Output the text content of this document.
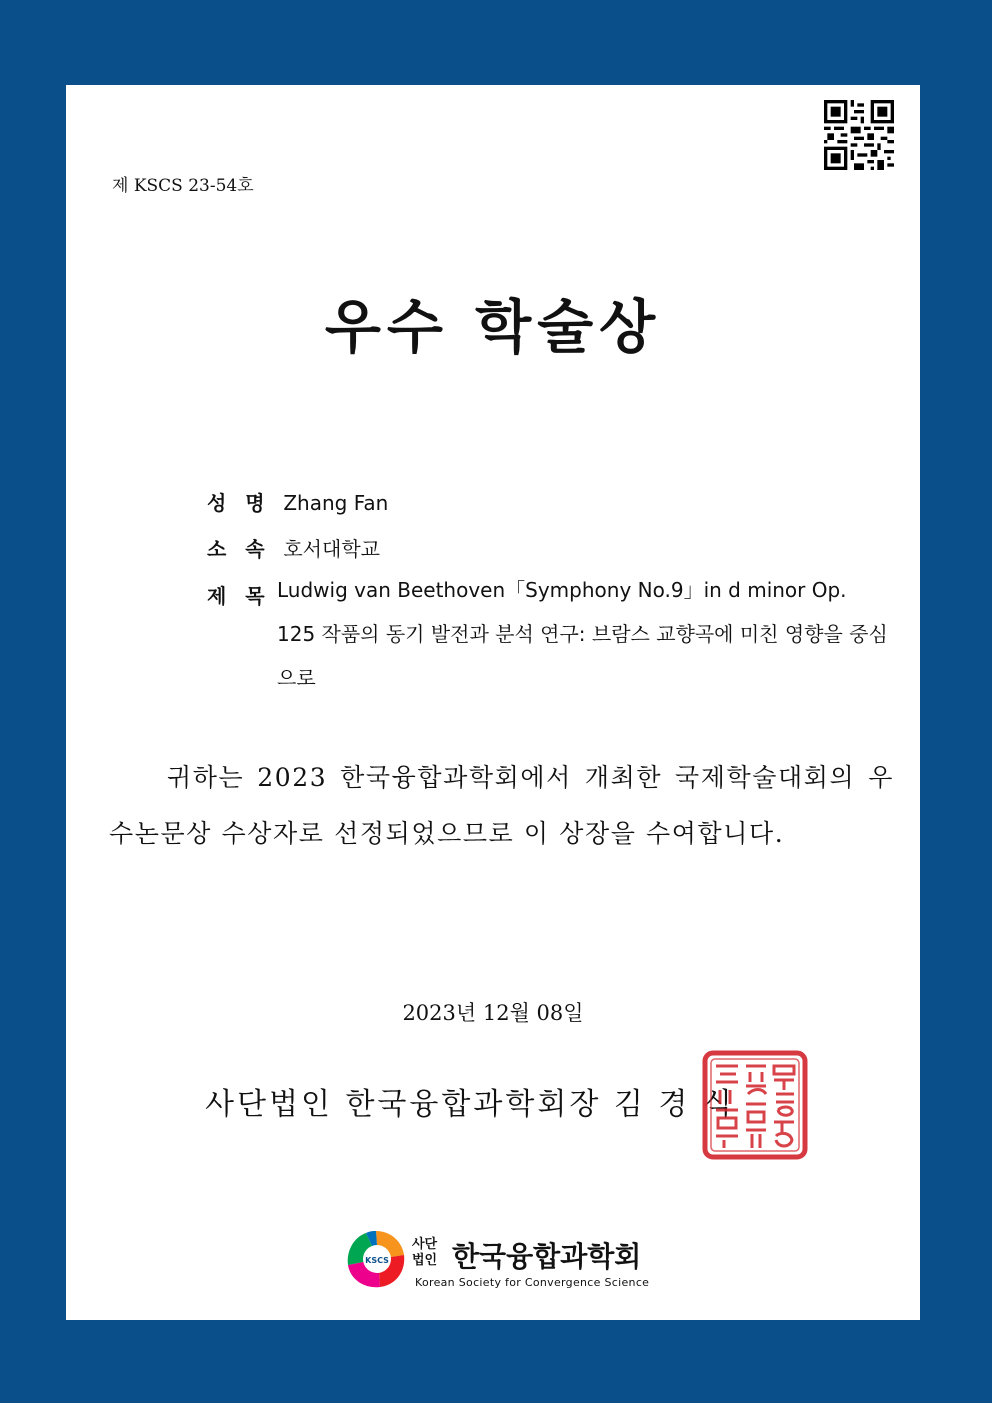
제 KSCS 23-54호
우수 학술상
성 명 Zhang Fan
소 속 호서대학교
제 목 Ludwig van Beethoven「Symphony No.9」in d minor Op. 125 작품의 동기 발전과 분석 연구: 브람스 교향곡에 미친 영향을 중심으로
귀하는 2023 한국융합과학회에서 개최한 국제학술대회의 우수논문상 수상자로 선정되었으므로 이 상장을 수여합니다.
2023년 12월 08일
사단법인 한국융합과학회장 김 경 식
KSCS
사단 법인 한국융합과학회
Korean Society for Convergence Science
